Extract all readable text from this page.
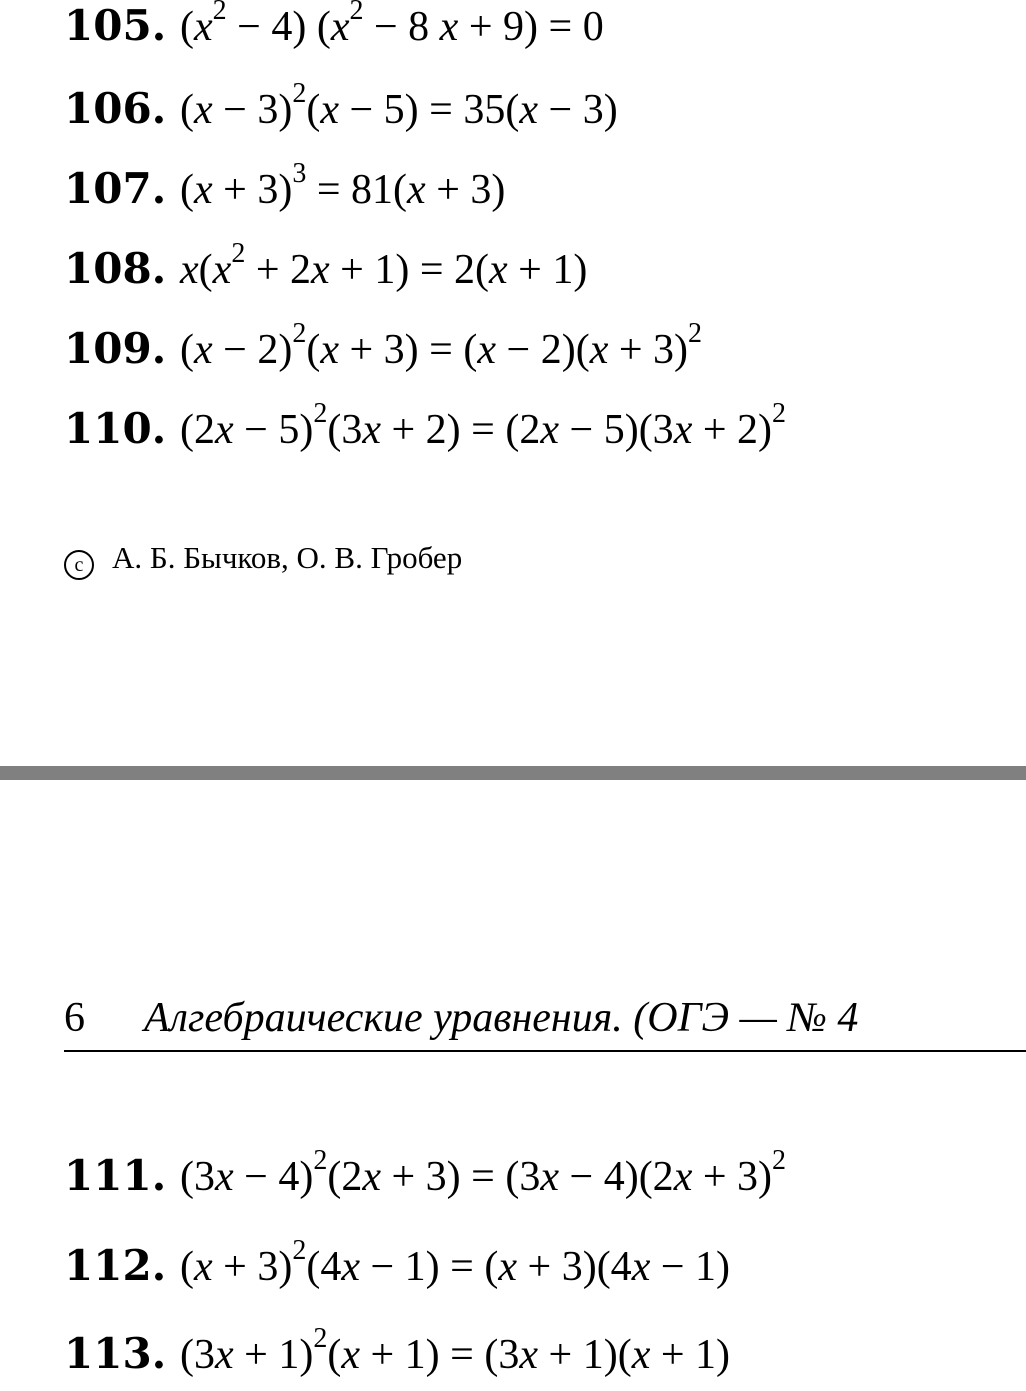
105. $(x^2 - 4) (x^2 - 8$ x + 9) = 0
106. $(x - 3)^2(x - 5) = 35(x - 3)$
107. $(x + 3)^3 = 81(x + 3)$
108. $x(x^2 + 2x + 1) = 2(x + 1)$
109. $(x - 2)^2(x + 3) = (x - 2)(x + 3)^2$
110. $(2x - 5)^2(3x + 2) = (2x - 5)(3x + 2)^2$
c А. Б. Бычков, О. В. Гробер
6 Алгебраические уравнения. (ОГЭ — № 4
111. $(3x - 4)^2(2x + 3) = (3x - 4)(2x + 3)^2$
112. $(x + 3)^2(4x - 1) = (x + 3)(4x - 1)$
113. $(3x + 1)^2(x + 1) = (3x + 1)(x + 1)$
